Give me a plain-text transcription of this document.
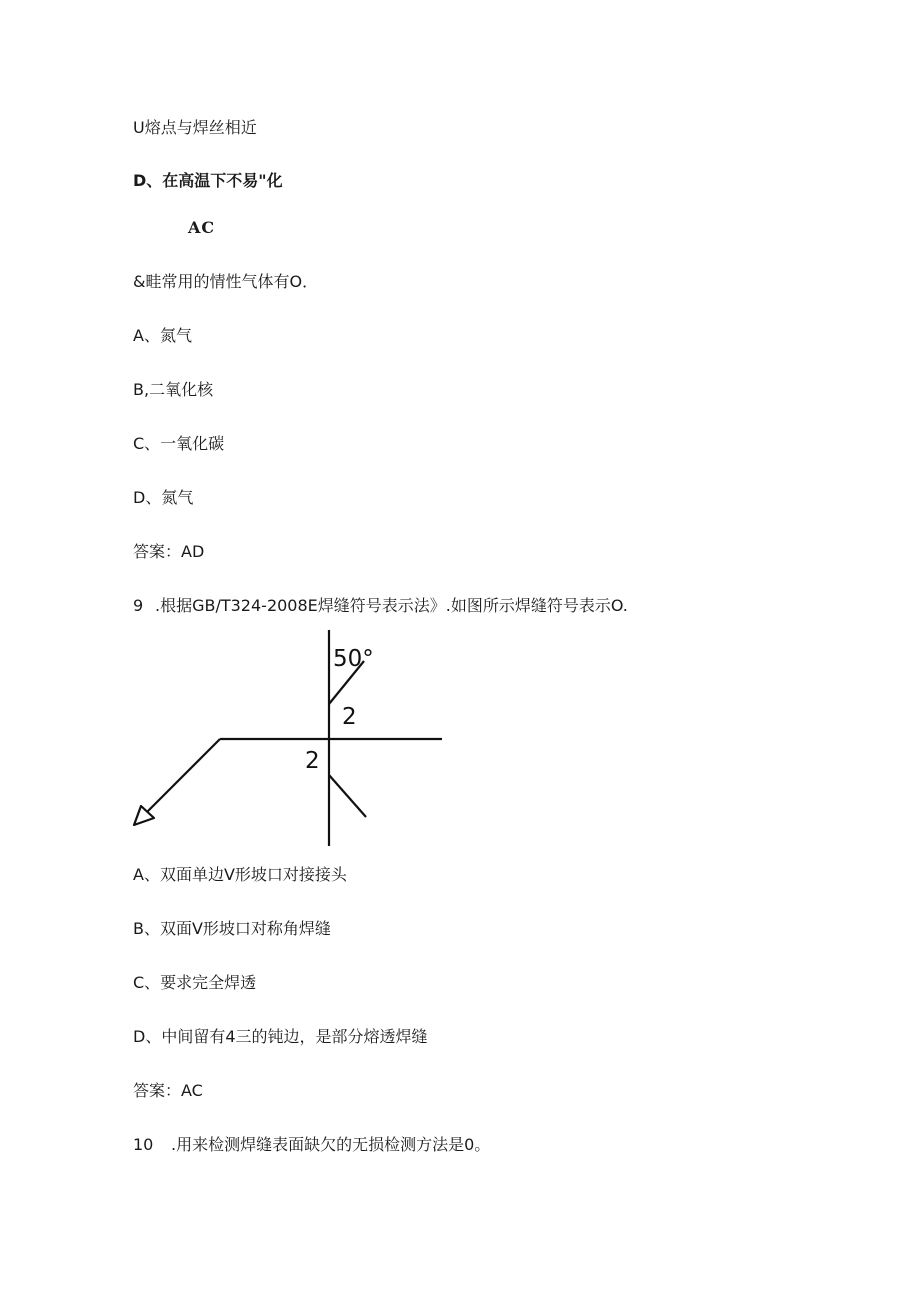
U熔点与焊丝相近
D、在高温下不易"化
AC
&畦常用的情性气体有O．
A、氮气
B,二氧化核
C、一氧化碳
D、氮气
答案：AD
9 .根据GB/T324-2008E焊缝符号表示法》.如图所示焊缝符号表示O.
50°
2
2
A、双面单边V形坡口对接接头
B、双面V形坡口对称角焊缝
C、要求完全焊透
D、中间留有4三的钝边，是部分熔透焊缝
答案：AC
10 .用来检测焊缝表面缺欠的无损检测方法是0。
